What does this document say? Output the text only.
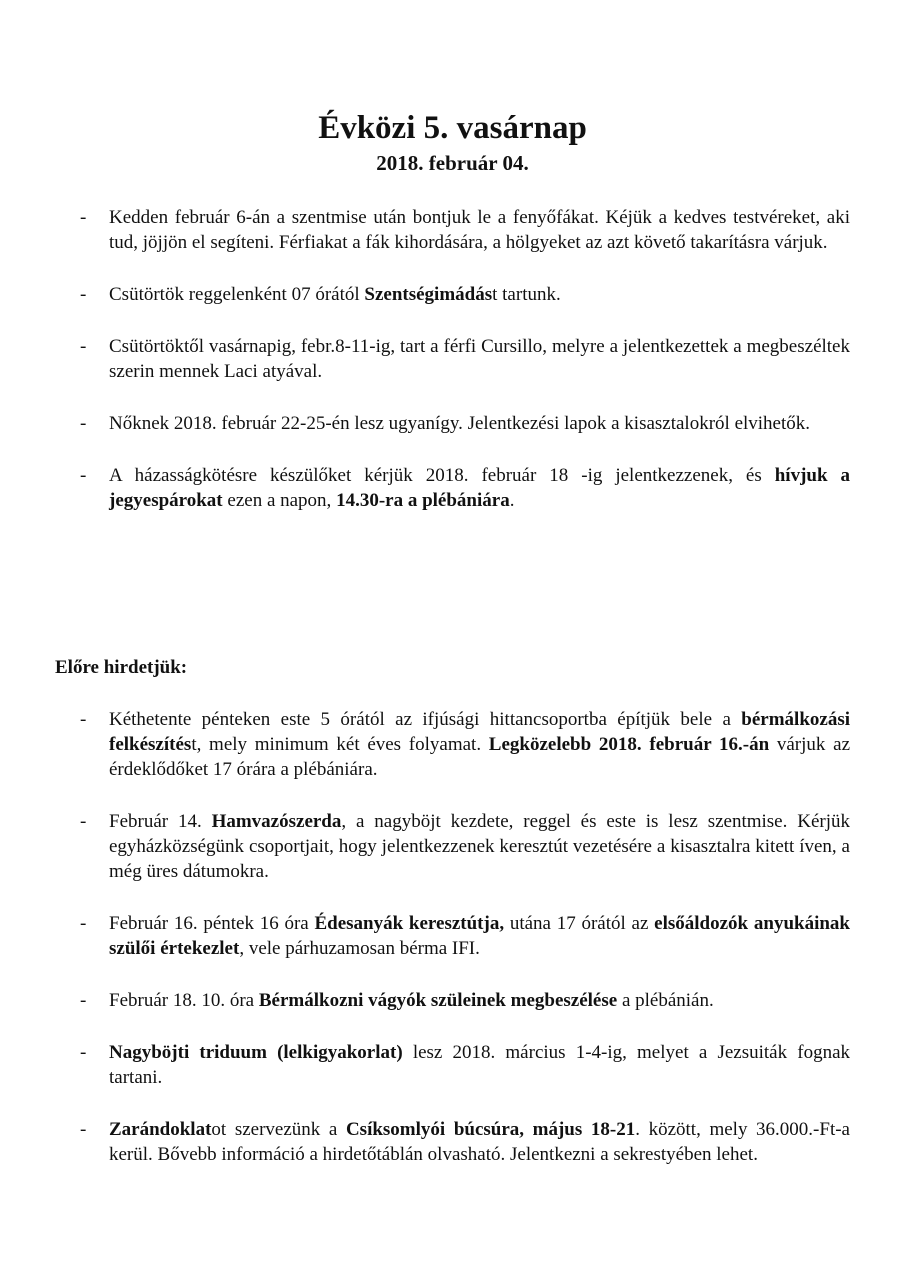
Évközi 5. vasárnap
2018. február 04.
- Kedden február 6-án a szentmise után bontjuk le a fenyőfákat. Kéjük a kedves testvéreket, aki tud, jöjjön el segíteni. Férfiakat a fák kihordására, a hölgyeket az azt követő takarításra várjuk.
- Csütörtök reggelenként 07 órától Szentségimádást tartunk.
- Csütörtöktől vasárnapig, febr.8-11-ig, tart a férfi Cursillo, melyre a jelentkezettek a megbeszéltek szerin mennek Laci atyával.
- Nőknek 2018. február 22-25-én lesz ugyanígy. Jelentkezési lapok a kisasztalokról elvihetők.
- A házasságkötésre készülőket kérjük 2018. február 18 -ig jelentkezzenek, és hívjuk a jegyespárokat ezen a napon, 14.30-ra a plébániára.
Előre hirdetjük:
- Kéthetente pénteken este 5 órától az ifjúsági hittancsoportba építjük bele a bérmálkozási felkészítést, mely minimum két éves folyamat. Legközelebb 2018. február 16.-án várjuk az érdeklődőket 17 órára a plébániára.
- Február 14. Hamvazószerda, a nagyböjt kezdete, reggel és este is lesz szentmise. Kérjük egyházközségünk csoportjait, hogy jelentkezzenek keresztút vezetésére a kisasztalra kitett íven, a még üres dátumokra.
- Február 16. péntek 16 óra Édesanyák keresztútja, utána 17 órától az elsőáldozók anyukáinak szülői értekezlet, vele párhuzamosan bérma IFI.
- Február 18. 10. óra Bérmálkozni vágyók szüleinek megbeszélése a plébánián.
- Nagyböjti triduum (lelkigyakorlat) lesz 2018. március 1-4-ig, melyet a Jezsuiták fognak tartani.
- Zarándoklatot szervezünk a Csíksomlyói búcsúra, május 18-21. között, mely 36.000.-Ft-a kerül. Bővebb információ a hirdetőtáblán olvasható. Jelentkezni a sekrestyében lehet.
